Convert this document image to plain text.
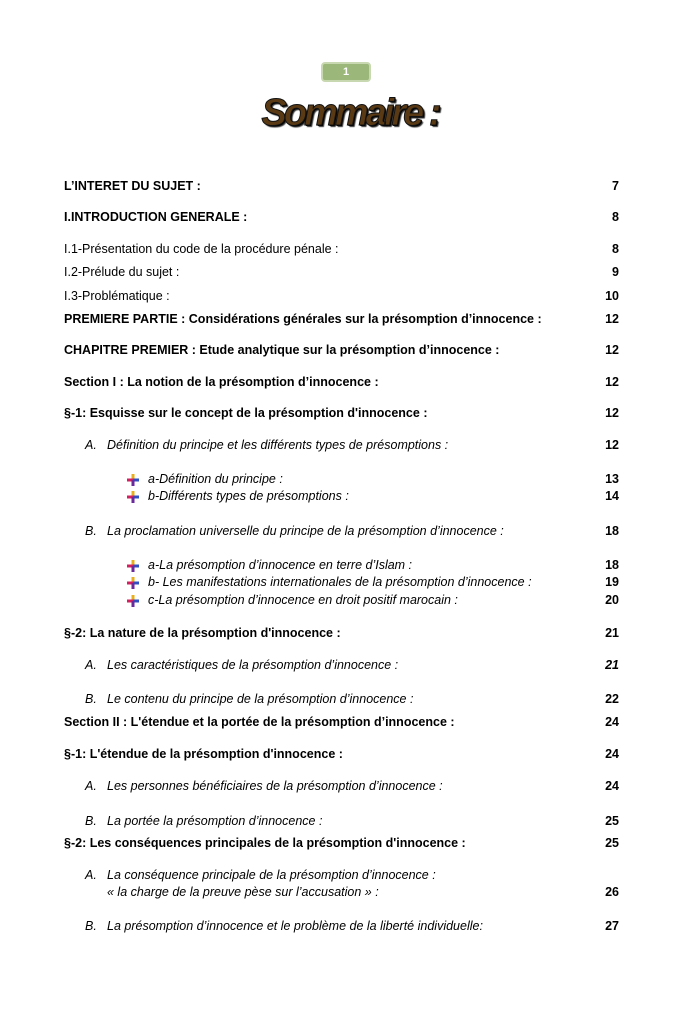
1
Sommaire :
L’INTERET DU SUJET :	7
I.INTRODUCTION GENERALE :	8
I.1-Présentation du code de la procédure pénale :	8
I.2-Prélude du sujet :	9
I.3-Problématique :	10
PREMIERE PARTIE : Considérations générales sur la présomption d’innocence :	12
CHAPITRE PREMIER : Etude analytique sur la présomption d’innocence :	12
Section I : La notion de la présomption d’innocence :	12
§-1: Esquisse sur le concept de la présomption d'innocence :	12
A. Définition du principe et les différents types de présomptions :	12
a-Définition du principe :	13
b-Différents types de présomptions :	14
B. La proclamation universelle du principe de la présomption d’innocence :	18
a-La présomption d’innocence en terre d’Islam :	18
b- Les manifestations internationales de la présomption d’innocence :	19
c-La présomption d’innocence en droit positif marocain :	20
§-2: La nature de la présomption d'innocence :	21
A. Les caractéristiques de la présomption d’innocence :	21
B. Le contenu du principe de la présomption d’innocence :	22
Section II : L'étendue et la portée de la présomption d’innocence :	24
§-1: L'étendue de la présomption d'innocence :	24
A. Les personnes bénéficiaires de la présomption d’innocence :	24
B. La portée la présomption d’innocence :	25
§-2: Les conséquences principales de la présomption d'innocence :	25
A. La conséquence principale de la présomption d’innocence :
« la charge de la preuve pèse sur l’accusation » :	26
B. La présomption d’innocence et le problème de la liberté individuelle:	27
